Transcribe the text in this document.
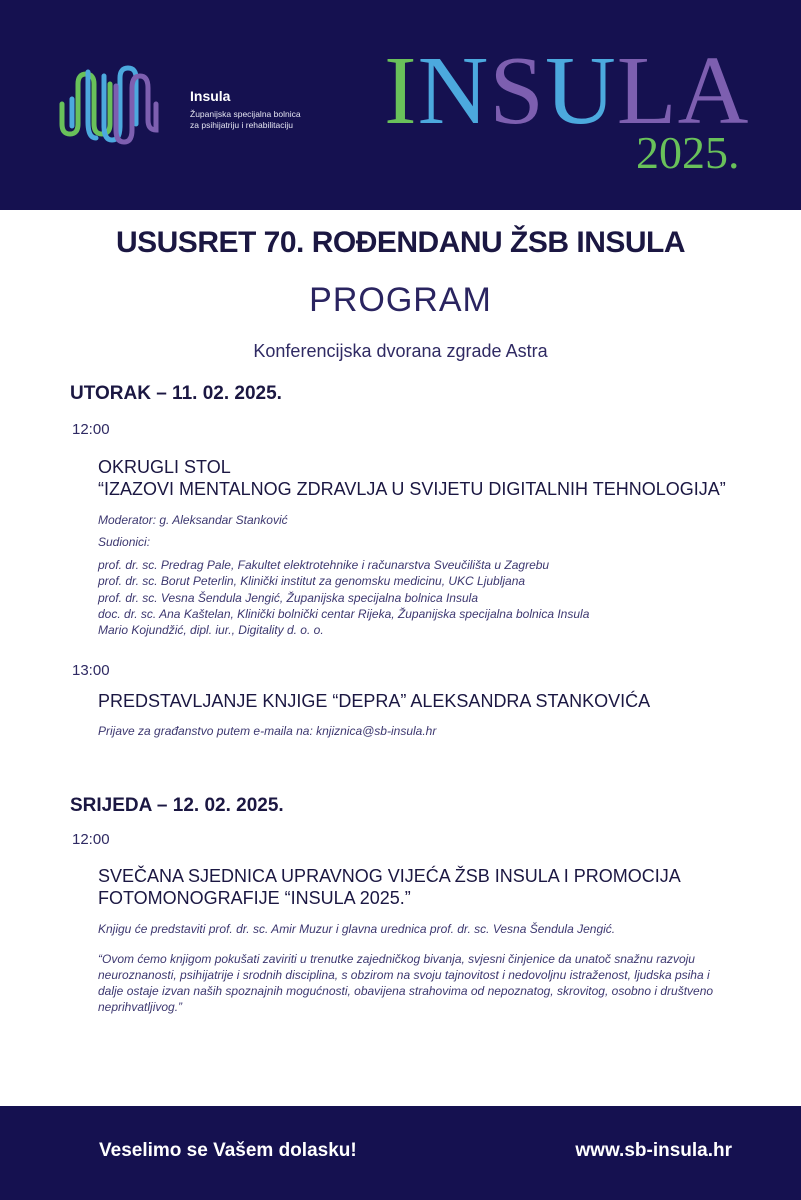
Insula
Županijska specijalna bolnica
za psihijatriju i rehabilitaciju INSULA
2025.
USUSRET 70. ROĐENDANU ŽSB INSULA
PROGRAM
Konferencijska dvorana zgrade Astra
UTORAK – 11. 02. 2025.
12:00
OKRUGLI STOL
“IZAZOVI MENTALNOG ZDRAVLJA U SVIJETU DIGITALNIH TEHNOLOGIJA”
Moderator: g. Aleksandar Stanković
Sudionici:
prof. dr. sc. Predrag Pale, Fakultet elektrotehnike i računarstva Sveučilišta u Zagrebu
prof. dr. sc. Borut Peterlin, Klinički institut za genomsku medicinu, UKC Ljubljana
prof. dr. sc. Vesna Šendula Jengić, Županijska specijalna bolnica Insula
doc. dr. sc. Ana Kaštelan, Klinički bolnički centar Rijeka, Županijska specijalna bolnica Insula
Mario Kojundžić, dipl. iur., Digitality d. o. o.
13:00
PREDSTAVLJANJE KNJIGE “DEPRA” ALEKSANDRA STANKOVIĆA
Prijave za građanstvo putem e-maila na: knjiznica@sb-insula.hr
SRIJEDA – 12. 02. 2025.
12:00
SVEČANA SJEDNICA UPRAVNOG VIJEĆA ŽSB INSULA I PROMOCIJA
FOTOMONOGRAFIJE “INSULA 2025.”
Knjigu će predstaviti prof. dr. sc. Amir Muzur i glavna urednica prof. dr. sc. Vesna Šendula Jengić.
“Ovom ćemo knjigom pokušati zaviriti u trenutke zajedničkog bivanja, svjesni činjenice da unatoč snažnu razvoju neuroznanosti, psihijatrije i srodnih disciplina, s obzirom na svoju tajnovitost i nedovoljnu istraženost, ljudska psiha i dalje ostaje izvan naših spoznajnih mogućnosti, obavijena strahovima od nepoznatog, skrovitog, osobno i društveno neprihvatljivog.”
Veselimo se Vašem dolasku!	www.sb-insula.hr
